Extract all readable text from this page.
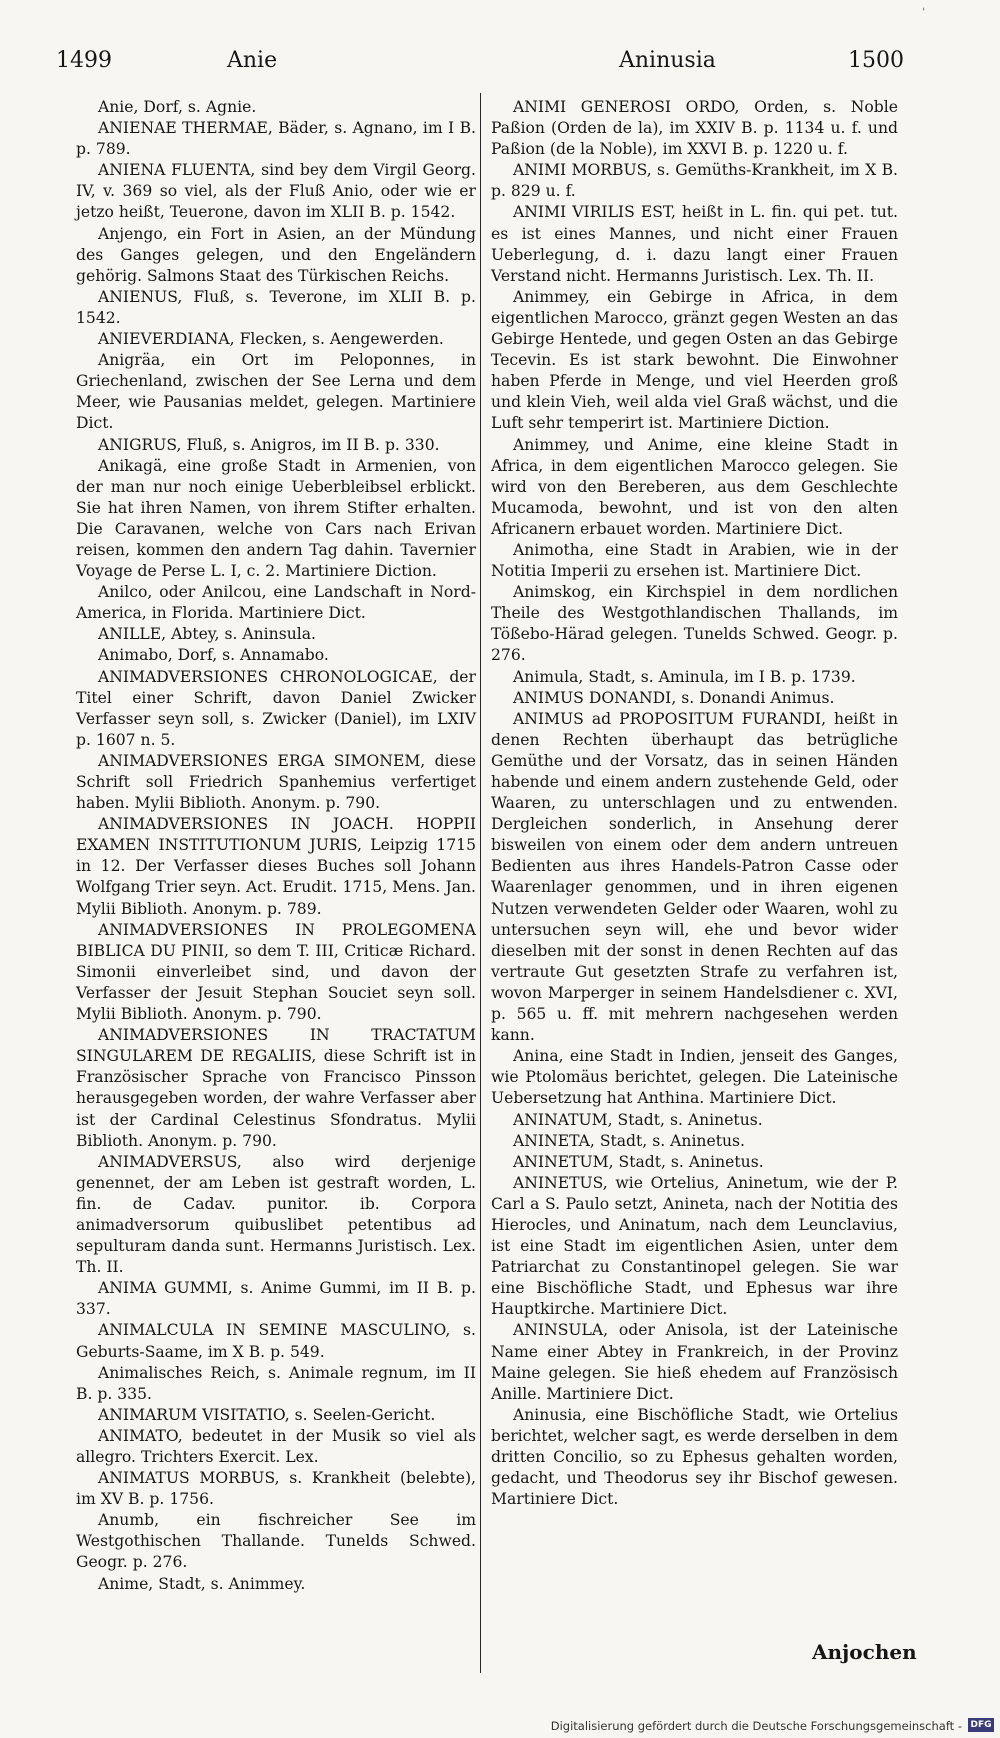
ˈ
1499	Anie	Aninusia	1500

Anie, Dorf, s. Agnie.

ANIENAE THERMAE, Bäder, s. Agnano, im I B. p. 789.

ANIENA FLUENTA, sind bey dem Virgil Georg. IV, v. 369 so viel, als der Fluß Anio, oder wie er jetzo heißt, Teuerone, davon im XLII B. p. 1542.

Anjengo, ein Fort in Asien, an der Mündung des Ganges gelegen, und den Engeländern gehörig. Salmons Staat des Türkischen Reichs.

ANIENUS, Fluß, s. Teverone, im XLII B. p. 1542.

ANIEVERDIANA, Flecken, s. Aengewerden.

Anigräa, ein Ort im Peloponnes, in Griechenland, zwischen der See Lerna und dem Meer, wie Pausanias meldet, gelegen. Martiniere Dict.

ANIGRUS, Fluß, s. Anigros, im II B. p. 330.

Anikagä, eine große Stadt in Armenien, von der man nur noch einige Ueberbleibsel erblickt. Sie hat ihren Namen, von ihrem Stifter erhalten. Die Caravanen, welche von Cars nach Erivan reisen, kommen den andern Tag dahin. Tavernier Voyage de Perse L. I, c. 2. Martiniere Diction.

Anilco, oder Anilcou, eine Landschaft in Nord-America, in Florida. Martiniere Dict.

ANILLE, Abtey, s. Aninsula.

Animabo, Dorf, s. Annamabo.

ANIMADVERSIONES CHRONOLOGICAE, der Titel einer Schrift, davon Daniel Zwicker Verfasser seyn soll, s. Zwicker (Daniel), im LXIV p. 1607 n. 5.

ANIMADVERSIONES ERGA SIMONEM, diese Schrift soll Friedrich Spanhemius verfertiget haben. Mylii Biblioth. Anonym. p. 790.

ANIMADVERSIONES IN JOACH. HOPPII EXAMEN INSTITUTIONUM JURIS, Leipzig 1715 in 12. Der Verfasser dieses Buches soll Johann Wolfgang Trier seyn. Act. Erudit. 1715, Mens. Jan. Mylii Biblioth. Anonym. p. 789.

ANIMADVERSIONES IN PROLEGOMENA BIBLICA DU PINII, so dem T. III, Criticæ Richard. Simonii einverleibet sind, und davon der Verfasser der Jesuit Stephan Souciet seyn soll. Mylii Biblioth. Anonym. p. 790.

ANIMADVERSIONES IN TRACTATUM SINGULAREM DE REGALIIS, diese Schrift ist in Französischer Sprache von Francisco Pinsson herausgegeben worden, der wahre Verfasser aber ist der Cardinal Celestinus Sfondratus. Mylii Biblioth. Anonym. p. 790.

ANIMADVERSUS, also wird derjenige genennet, der am Leben ist gestraft worden, L. fin. de Cadav. punitor. ib. Corpora animadversorum quibuslibet petentibus ad sepulturam danda sunt. Hermanns Juristisch. Lex. Th. II.

ANIMA GUMMI, s. Anime Gummi, im II B. p. 337.

ANIMALCULA IN SEMINE MASCULINO, s. Geburts-Saame, im X B. p. 549.

Animalisches Reich, s. Animale regnum, im II B. p. 335.

ANIMARUM VISITATIO, s. Seelen-Gericht.

ANIMATO, bedeutet in der Musik so viel als allegro. Trichters Exercit. Lex.

ANIMATUS MORBUS, s. Krankheit (belebte), im XV B. p. 1756.

Anumb, ein fischreicher See im Westgothischen Thallande. Tunelds Schwed. Geogr. p. 276.

Anime, Stadt, s. Animmey.

ANIMI GENEROSI ORDO, Orden, s. Noble Paßion (Orden de la), im XXIV B. p. 1134 u. f. und Paßion (de la Noble), im XXVI B. p. 1220 u. f.

ANIMI MORBUS, s. Gemüths-Krankheit, im X B. p. 829 u. f.

ANIMI VIRILIS EST, heißt in L. fin. qui pet. tut. es ist eines Mannes, und nicht einer Frauen Ueberlegung, d. i. dazu langt einer Frauen Verstand nicht. Hermanns Juristisch. Lex. Th. II.

Animmey, ein Gebirge in Africa, in dem eigentlichen Marocco, gränzt gegen Westen an das Gebirge Hentede, und gegen Osten an das Gebirge Tecevin. Es ist stark bewohnt. Die Einwohner haben Pferde in Menge, und viel Heerden groß und klein Vieh, weil alda viel Graß wächst, und die Luft sehr temperirt ist. Martiniere Diction.

Animmey, und Anime, eine kleine Stadt in Africa, in dem eigentlichen Marocco gelegen. Sie wird von den Bereberen, aus dem Geschlechte Mucamoda, bewohnt, und ist von den alten Africanern erbauet worden. Martiniere Dict.

Animotha, eine Stadt in Arabien, wie in der Notitia Imperii zu ersehen ist. Martiniere Dict.

Animskog, ein Kirchspiel in dem nordlichen Theile des Westgothlandischen Thallands, im Tößebo-Härad gelegen. Tunelds Schwed. Geogr. p. 276.

Animula, Stadt, s. Aminula, im I B. p. 1739.

ANIMUS DONANDI, s. Donandi Animus.

ANIMUS ad PROPOSITUM FURANDI, heißt in denen Rechten überhaupt das betrügliche Gemüthe und der Vorsatz, das in seinen Händen habende und einem andern zustehende Geld, oder Waaren, zu unterschlagen und zu entwenden. Dergleichen sonderlich, in Ansehung derer bisweilen von einem oder dem andern untreuen Bedienten aus ihres Handels-Patron Casse oder Waarenlager genommen, und in ihren eigenen Nutzen verwendeten Gelder oder Waaren, wohl zu untersuchen seyn will, ehe und bevor wider dieselben mit der sonst in denen Rechten auf das vertraute Gut gesetzten Strafe zu verfahren ist, wovon Marperger in seinem Handelsdiener c. XVI, p. 565 u. ff. mit mehrern nachgesehen werden kann.

Anina, eine Stadt in Indien, jenseit des Ganges, wie Ptolomäus berichtet, gelegen. Die Lateinische Uebersetzung hat Anthina. Martiniere Dict.

ANINATUM, Stadt, s. Aninetus.

ANINETA, Stadt, s. Aninetus.

ANINETUM, Stadt, s. Aninetus.

ANINETUS, wie Ortelius, Aninetum, wie der P. Carl a S. Paulo setzt, Anineta, nach der Notitia des Hierocles, und Aninatum, nach dem Leunclavius, ist eine Stadt im eigentlichen Asien, unter dem Patriarchat zu Constantinopel gelegen. Sie war eine Bischöfliche Stadt, und Ephesus war ihre Hauptkirche. Martiniere Dict.

ANINSULA, oder Anisola, ist der Lateinische Name einer Abtey in Frankreich, in der Provinz Maine gelegen. Sie hieß ehedem auf Französisch Anille. Martiniere Dict.

Aninusia, eine Bischöfliche Stadt, wie Ortelius berichtet, welcher sagt, es werde derselben in dem dritten Concilio, so zu Ephesus gehalten worden, gedacht, und Theodorus sey ihr Bischof gewesen. Martiniere Dict.

Anjochen
Digitalisierung gefördert durch die Deutsche Forschungsgemeinschaft - DFG
